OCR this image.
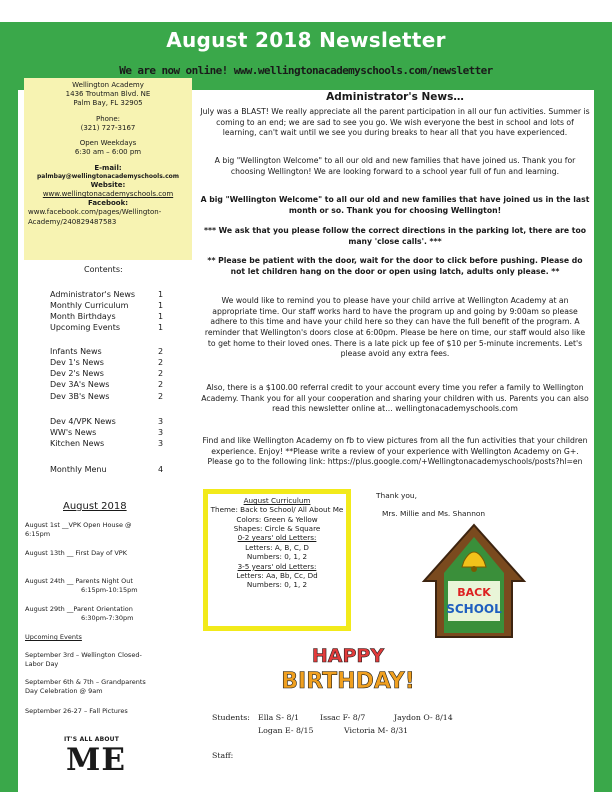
August 2018 Newsletter
We are now online! www.wellingtonacademyschools.com/newsletter
Wellington Academy
1436 Troutman Blvd. NE
Palm Bay, FL 32905
Phone:
(321) 727-3167
Open Weekdays
6:30 am – 6:00 pm
E-mail:
palmbay@wellingtonacademyschools.com
Website:
www.wellingtonacademyschools.com
Facebook:
www.facebook.com/pages/Wellington-Academy/240829487583
Contents:
Administrator's News	1
Monthly Curriculum	1
Month Birthdays	1
Upcoming Events	1
Infants News	2
Dev 1's News	2
Dev 2's News	2
Dev 3A's News	2
Dev 3B's News	2
Dev 4/VPK News	3
WW's News	3
Kitchen News	3
Monthly Menu	4
August 2018
August 1st __VPK Open House @
6:15pm
August 13th __ First Day of VPK
August 24th __ Parents Night Out
6:15pm-10:15pm
August 29th __Parent Orientation
6:30pm-7:30pm
Upcoming Events
September 3rd – Wellington Closed-
Labor Day
September 6th & 7th – Grandparents
Day Celebration @ 9am
September 26-27 – Fall Pictures
IT'S ALL ABOUT
ME
Administrator's News…
July was a BLAST! We really appreciate all the parent participation in all our fun activities. Summer is coming to an end; we are sad to see you go. We wish everyone the best in school and lots of learning, can't wait until we see you during breaks to hear all that you have experienced.
A big "Wellington Welcome" to all our old and new families that have joined us. Thank you for choosing Wellington! We are looking forward to a school year full of fun and learning.
A big "Wellington Welcome" to all our old and new families that have joined us in the last month or so. Thank you for choosing Wellington!
*** We ask that you please follow the correct directions in the parking lot, there are too many 'close calls'. ***
** Please be patient with the door, wait for the door to click before pushing. Please do not let children hang on the door or open using latch, adults only please. **
We would like to remind you to please have your child arrive at Wellington Academy at an appropriate time. Our staff works hard to have the program up and going by 9:00am so please adhere to this time and have your child here so they can have the full benefit of the program. A reminder that Wellington's doors close at 6:00pm. Please be here on time, our staff would also like to get home to their loved ones. There is a late pick up fee of $10 per 5-minute increments. Let's please avoid any extra fees.
Also, there is a $100.00 referral credit to your account every time you refer a family to Wellington Academy. Thank you for all your cooperation and sharing your children with us. Parents you can also read this newsletter online at… wellingtonacademyschools.com
Find and like Wellington Academy on fb to view pictures from all the fun activities that your children experience. Enjoy! **Please write a review of your experience with Wellington Academy on G+. Please go to the following link: https://plus.google.com/+Wellingtonacademyschools/posts?hl=en
August Curriculum
Theme: Back to School/ All About Me
Colors: Green & Yellow
Shapes: Circle & Square
0-2 years' old Letters:
Letters: A, B, C, D
Numbers: 0, 1, 2
3-5 years' old Letters:
Letters: Aa, Bb, Cc, Dd
Numbers: 0, 1, 2
Thank you,
Mrs. Millie and Ms. Shannon
BACK
SCHOOL
HAPPY
BIRTHDAY!
Students: Ella S- 8/1	Issac F- 8/7	Jaydon O- 8/14
Logan E- 8/15	Victoria M- 8/31
Staff:
